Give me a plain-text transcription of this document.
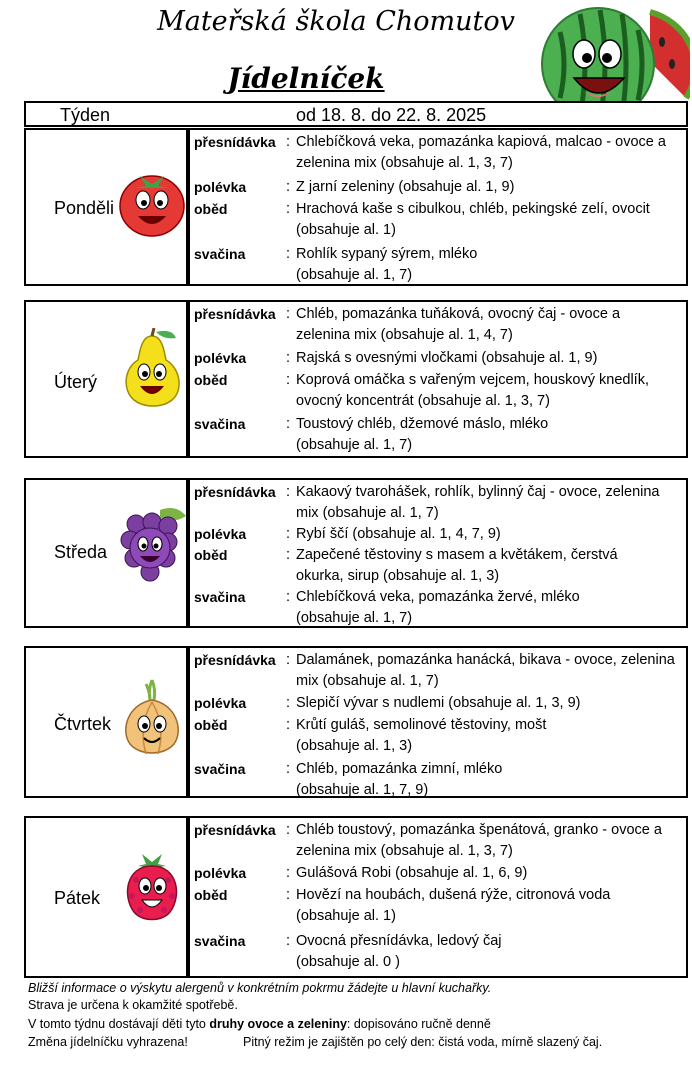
Mateřská škola Chomutov
Jídelníček
Týden	od 18. 8. do 22. 8. 2025
Ponděli
přesnídávka : Chlebíčková veka, pomazánka kapiová, malcao - ovoce a
zelenina mix (obsahuje al. 1, 3, 7)
polévka	: Z jarní zeleniny (obsahuje al. 1, 9)
oběd	: Hrachová kaše s cibulkou, chléb, pekingské zelí, ovocit
(obsahuje al. 1)
svačina	: Rohlík sypaný sýrem, mléko
(obsahuje al. 1, 7)
Úterý
přesnídávka : Chléb, pomazánka tuňáková, ovocný čaj - ovoce a
zelenina mix (obsahuje al. 1, 4, 7)
polévka	: Rajská s ovesnými vločkami (obsahuje al. 1, 9)
oběd	: Koprová omáčka s vařeným vejcem, houskový knedlík,
ovocný koncentrát (obsahuje al. 1, 3, 7)
svačina	: Toustový chléb, džemové máslo, mléko
(obsahuje al. 1, 7)
Středa
přesnídávka : Kakaový tvarohášek, rohlík, bylinný čaj - ovoce, zelenina
mix (obsahuje al. 1, 7)
polévka	: Rybí ščí (obsahuje al. 1, 4, 7, 9)
oběd	: Zapečené těstoviny s masem a květákem, čerstvá
okurka, sirup (obsahuje al. 1, 3)
svačina	: Chlebíčková veka, pomazánka žervé, mléko
(obsahuje al. 1, 7)
Čtvrtek
přesnídávka : Dalamánek, pomazánka hanácká, bikava - ovoce, zelenina
mix (obsahuje al. 1, 7)
polévka	: Slepičí vývar s nudlemi (obsahuje al. 1, 3, 9)
oběd	: Krůtí guláš, semolinové těstoviny, mošt
(obsahuje al. 1, 3)
svačina	: Chléb, pomazánka zimní, mléko
(obsahuje al. 1, 7, 9)
Pátek
přesnídávka : Chléb toustový, pomazánka špenátová, granko - ovoce a
zelenina mix (obsahuje al. 1, 3, 7)
polévka	: Gulášová Robi (obsahuje al. 1, 6, 9)
oběd	: Hovězí na houbách, dušená rýže, citronová voda
(obsahuje al. 1)
svačina	: Ovocná přesnídávka, ledový čaj
(obsahuje al. 0 )
Bližší informace o výskytu alergenů v konkrétním pokrmu žádejte u hlavní kuchařky.
Strava je určena k okamžité spotřebě.
V tomto týdnu dostávají děti tyto druhy ovoce a zeleniny: dopisováno ručně denně
Změna jídelníčku vyhrazena!	Pitný režim je zajištěn po celý den: čistá voda, mírně slazený čaj.
